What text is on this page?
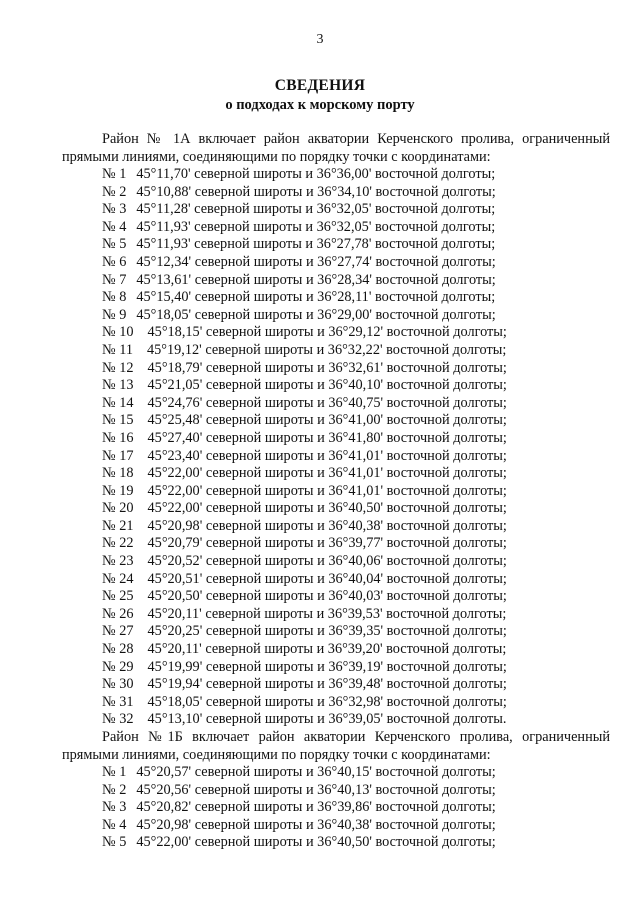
3
СВЕДЕНИЯ
о подходах к морскому порту
Район № 1А включает район акватории Керченского пролива, ограниченный прямыми линиями, соединяющими по порядку точки с координатами:
№ 1 45°11,70' северной широты и 36°36,00' восточной долготы;
№ 2 45°10,88' северной широты и 36°34,10' восточной долготы;
№ 3 45°11,28' северной широты и 36°32,05' восточной долготы;
№ 4 45°11,93' северной широты и 36°32,05' восточной долготы;
№ 5 45°11,93' северной широты и 36°27,78' восточной долготы;
№ 6 45°12,34' северной широты и 36°27,74' восточной долготы;
№ 7 45°13,61' северной широты и 36°28,34' восточной долготы;
№ 8 45°15,40' северной широты и 36°28,11' восточной долготы;
№ 9 45°18,05' северной широты и 36°29,00' восточной долготы;
№ 10 45°18,15' северной широты и 36°29,12' восточной долготы;
№ 11 45°19,12' северной широты и 36°32,22' восточной долготы;
№ 12 45°18,79' северной широты и 36°32,61' восточной долготы;
№ 13 45°21,05' северной широты и 36°40,10' восточной долготы;
№ 14 45°24,76' северной широты и 36°40,75' восточной долготы;
№ 15 45°25,48' северной широты и 36°41,00' восточной долготы;
№ 16 45°27,40' северной широты и 36°41,80' восточной долготы;
№ 17 45°23,40' северной широты и 36°41,01' восточной долготы;
№ 18 45°22,00' северной широты и 36°41,01' восточной долготы;
№ 19 45°22,00' северной широты и 36°41,01' восточной долготы;
№ 20 45°22,00' северной широты и 36°40,50' восточной долготы;
№ 21 45°20,98' северной широты и 36°40,38' восточной долготы;
№ 22 45°20,79' северной широты и 36°39,77' восточной долготы;
№ 23 45°20,52' северной широты и 36°40,06' восточной долготы;
№ 24 45°20,51' северной широты и 36°40,04' восточной долготы;
№ 25 45°20,50' северной широты и 36°40,03' восточной долготы;
№ 26 45°20,11' северной широты и 36°39,53' восточной долготы;
№ 27 45°20,25' северной широты и 36°39,35' восточной долготы;
№ 28 45°20,11' северной широты и 36°39,20' восточной долготы;
№ 29 45°19,99' северной широты и 36°39,19' восточной долготы;
№ 30 45°19,94' северной широты и 36°39,48' восточной долготы;
№ 31 45°18,05' северной широты и 36°32,98' восточной долготы;
№ 32 45°13,10' северной широты и 36°39,05' восточной долготы.
Район №1Б включает район акватории Керченского пролива, ограниченный прямыми линиями, соединяющими по порядку точки с координатами:
№ 1 45°20,57' северной широты и 36°40,15' восточной долготы;
№ 2 45°20,56' северной широты и 36°40,13' восточной долготы;
№ 3 45°20,82' северной широты и 36°39,86' восточной долготы;
№ 4 45°20,98' северной широты и 36°40,38' восточной долготы;
№ 5 45°22,00' северной широты и 36°40,50' восточной долготы;
